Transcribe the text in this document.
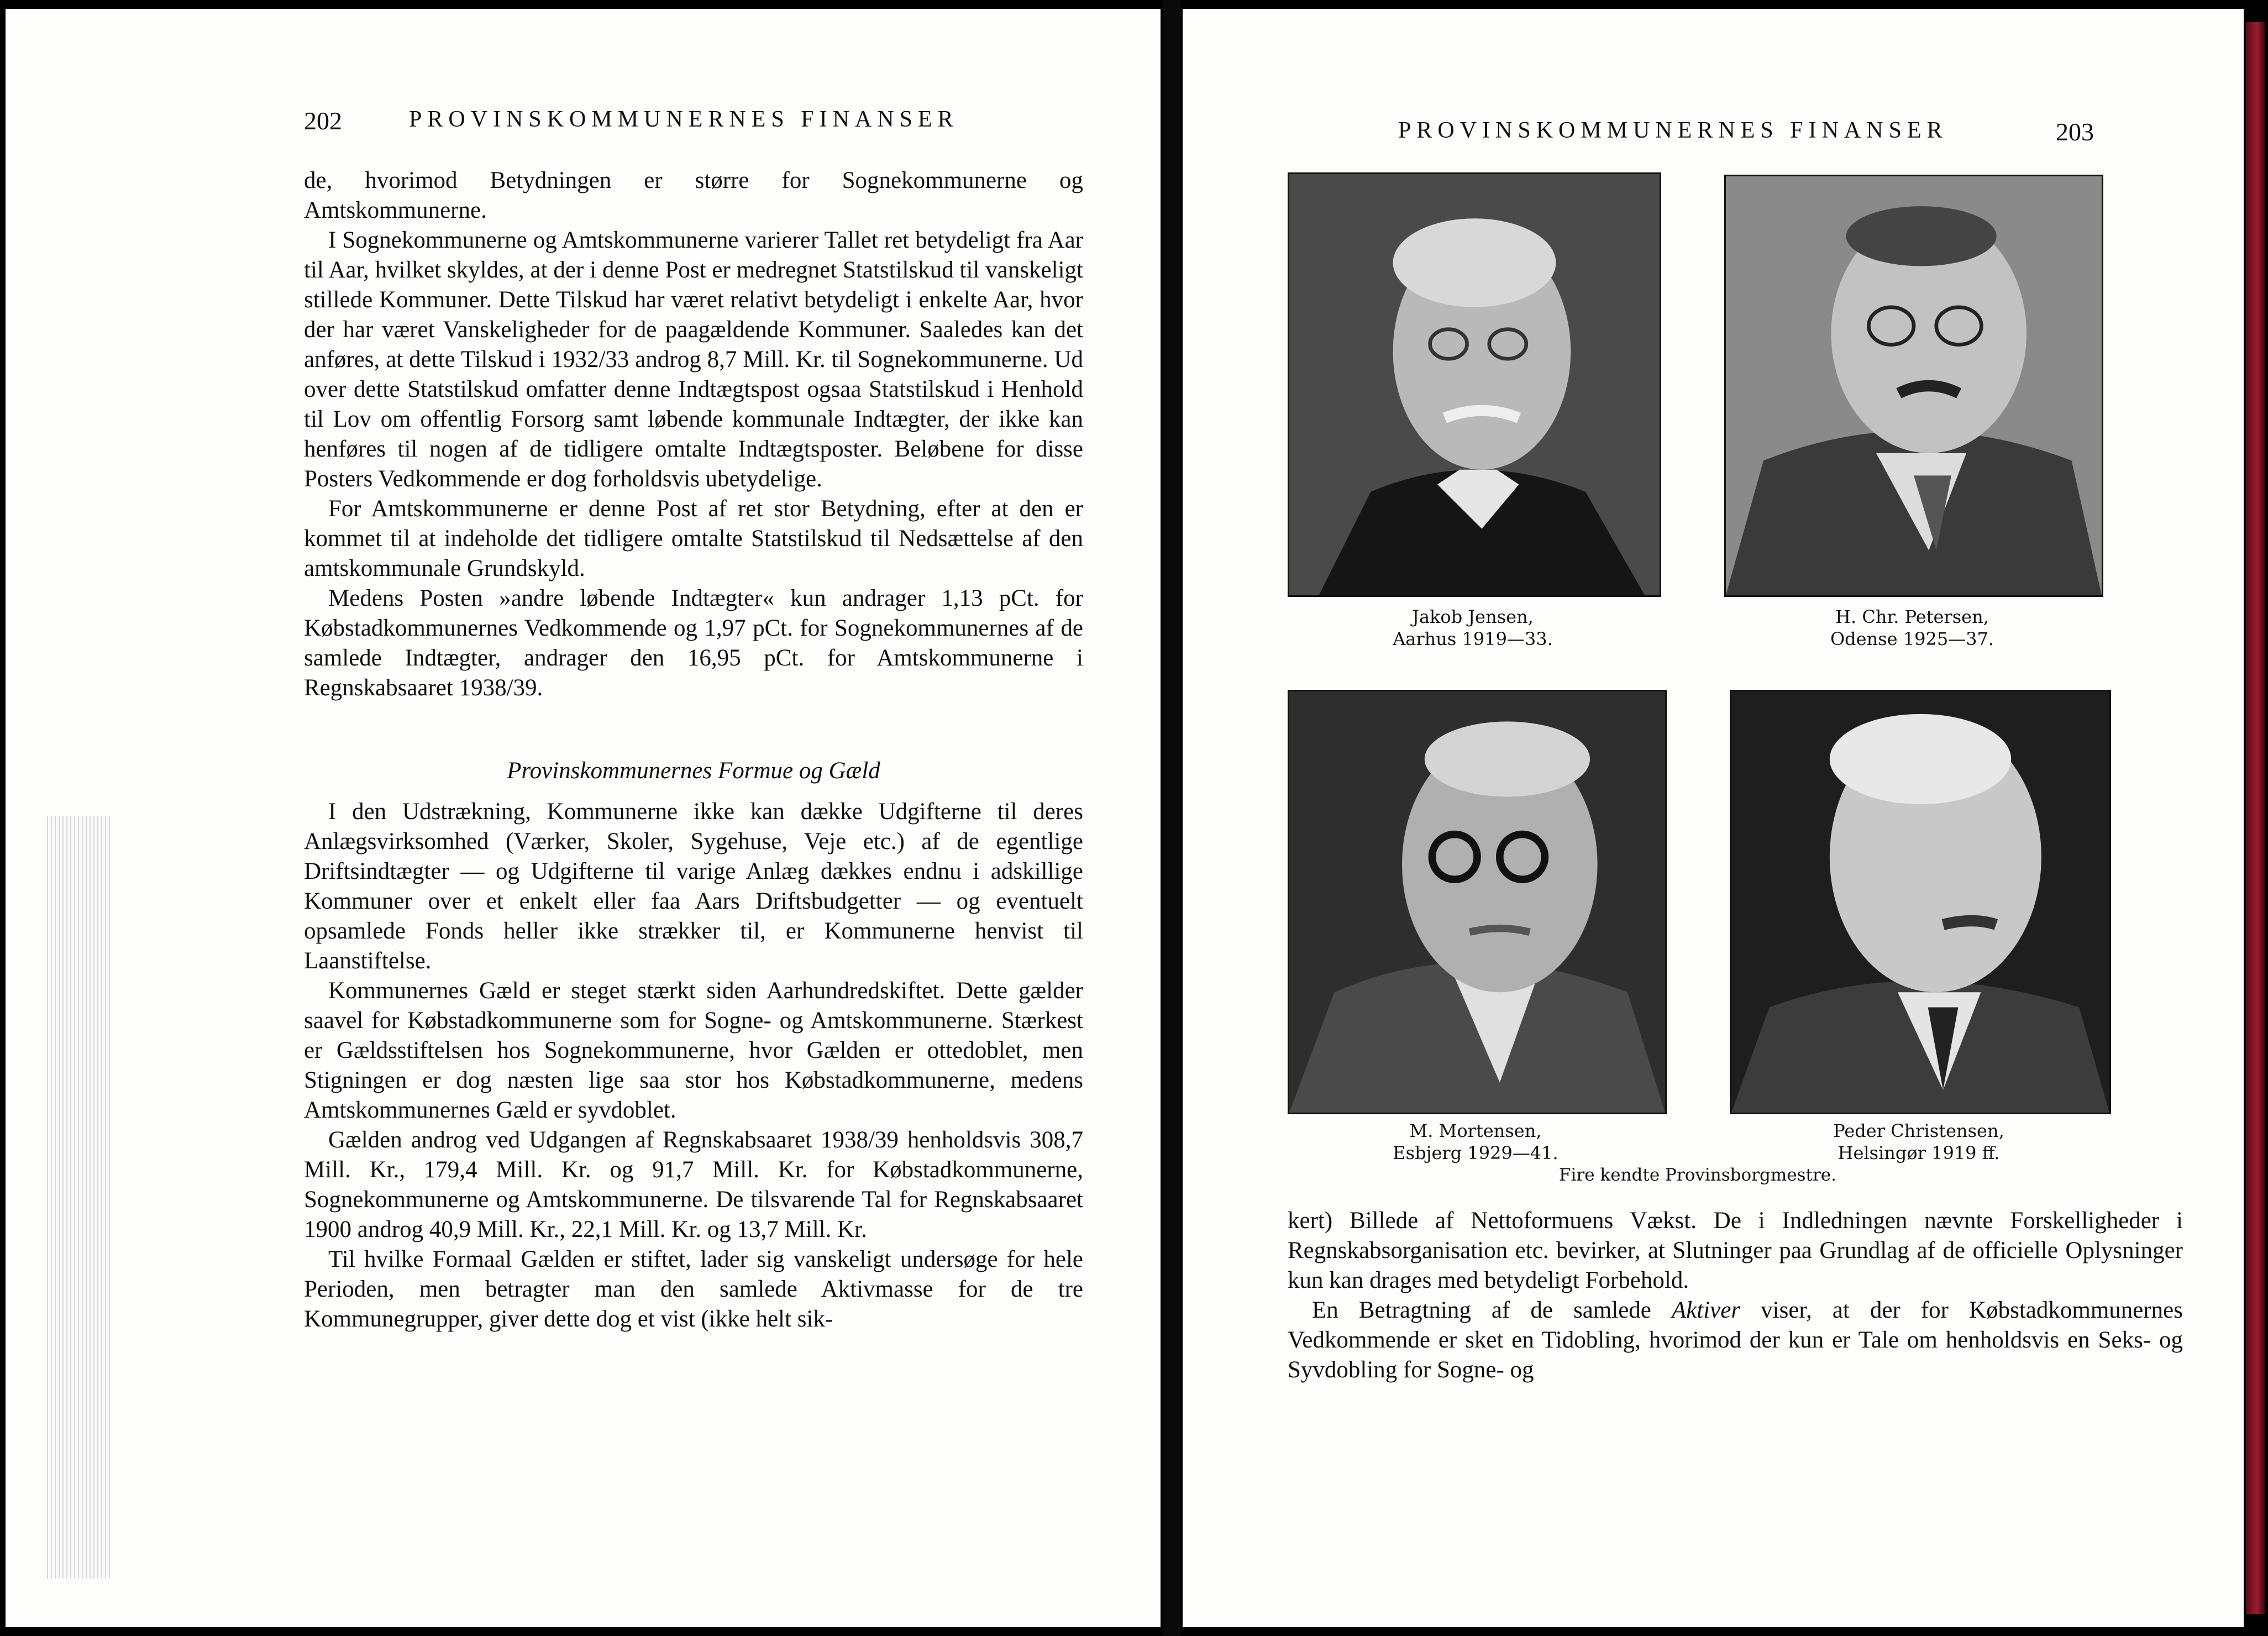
202	PROVINSKOMMUNERNES FINANSER

de, hvorimod Betydningen er større for Sognekommunerne og Amtskommunerne.

I Sognekommunerne og Amtskommunerne varierer Tallet ret betydeligt fra Aar til Aar, hvilket skyldes, at der i denne Post er medregnet Statstilskud til vanskeligt stillede Kommuner. Dette Tilskud har været relativt betydeligt i enkelte Aar, hvor der har været Vanskeligheder for de paagældende Kommuner. Saaledes kan det anføres, at dette Tilskud i 1932/33 androg 8,7 Mill. Kr. til Sognekommunerne. Ud over dette Statstilskud omfatter denne Indtægtspost ogsaa Statstilskud i Henhold til Lov om offentlig Forsorg samt løbende kommunale Indtægter, der ikke kan henføres til nogen af de tidligere omtalte Indtægtsposter. Beløbene for disse Posters Vedkommende er dog forholdsvis ubetydelige.

For Amtskommunerne er denne Post af ret stor Betydning, efter at den er kommet til at indeholde det tidligere omtalte Statstilskud til Nedsættelse af den amtskommunale Grundskyld.

Medens Posten »andre løbende Indtægter« kun andrager 1,13 pCt. for Købstadkommunernes Vedkommende og 1,97 pCt. for Sognekommunernes af de samlede Indtægter, andrager den 16,95 pCt. for Amtskommunerne i Regnskabsaaret 1938/39.

Provinskommunernes Formue og Gæld

I den Udstrækning, Kommunerne ikke kan dække Udgifterne til deres Anlægsvirksomhed (Værker, Skoler, Sygehuse, Veje etc.) af de egentlige Driftsindtægter — og Udgifterne til varige Anlæg dækkes endnu i adskillige Kommuner over et enkelt eller faa Aars Driftsbudgetter — og eventuelt opsamlede Fonds heller ikke strækker til, er Kommunerne henvist til Laanstiftelse.

Kommunernes Gæld er steget stærkt siden Aarhundredskiftet. Dette gælder saavel for Købstadkommunerne som for Sogne- og Amtskommunerne. Stærkest er Gældsstiftelsen hos Sognekommunerne, hvor Gælden er ottedoblet, men Stigningen er dog næsten lige saa stor hos Købstadkommunerne, medens Amtskommunernes Gæld er syvdoblet.

Gælden androg ved Udgangen af Regnskabsaaret 1938/39 henholdsvis 308,7 Mill. Kr., 179,4 Mill. Kr. og 91,7 Mill. Kr. for Købstadkommunerne, Sognekommunerne og Amtskommunerne. De tilsvarende Tal for Regnskabsaaret 1900 androg 40,9 Mill. Kr., 22,1 Mill. Kr. og 13,7 Mill. Kr.

Til hvilke Formaal Gælden er stiftet, lader sig vanskeligt undersøge for hele Perioden, men betragter man den samlede Aktivmasse for de tre Kommunegrupper, giver dette dog et vist (ikke helt sik-

PROVINSKOMMUNERNES FINANSER	203
Jakob Jensen,
Aarhus 1919—33.
H. Chr. Petersen,
Odense 1925—37.
M. Mortensen,
Esbjerg 1929—41.
Peder Christensen,
Helsingør 1919 ff.
Fire kendte Provinsborgmestre.

kert) Billede af Nettoformuens Vækst. De i Indledningen nævnte Forskelligheder i Regnskabsorganisation etc. bevirker, at Slutninger paa Grundlag af de officielle Oplysninger kun kan drages med betydeligt Forbehold.

En Betragtning af de samlede Aktiver viser, at der for Købstadkommunernes Vedkommende er sket en Tidobling, hvorimod der kun er Tale om henholdsvis en Seks- og Syvdobling for Sogne- og
